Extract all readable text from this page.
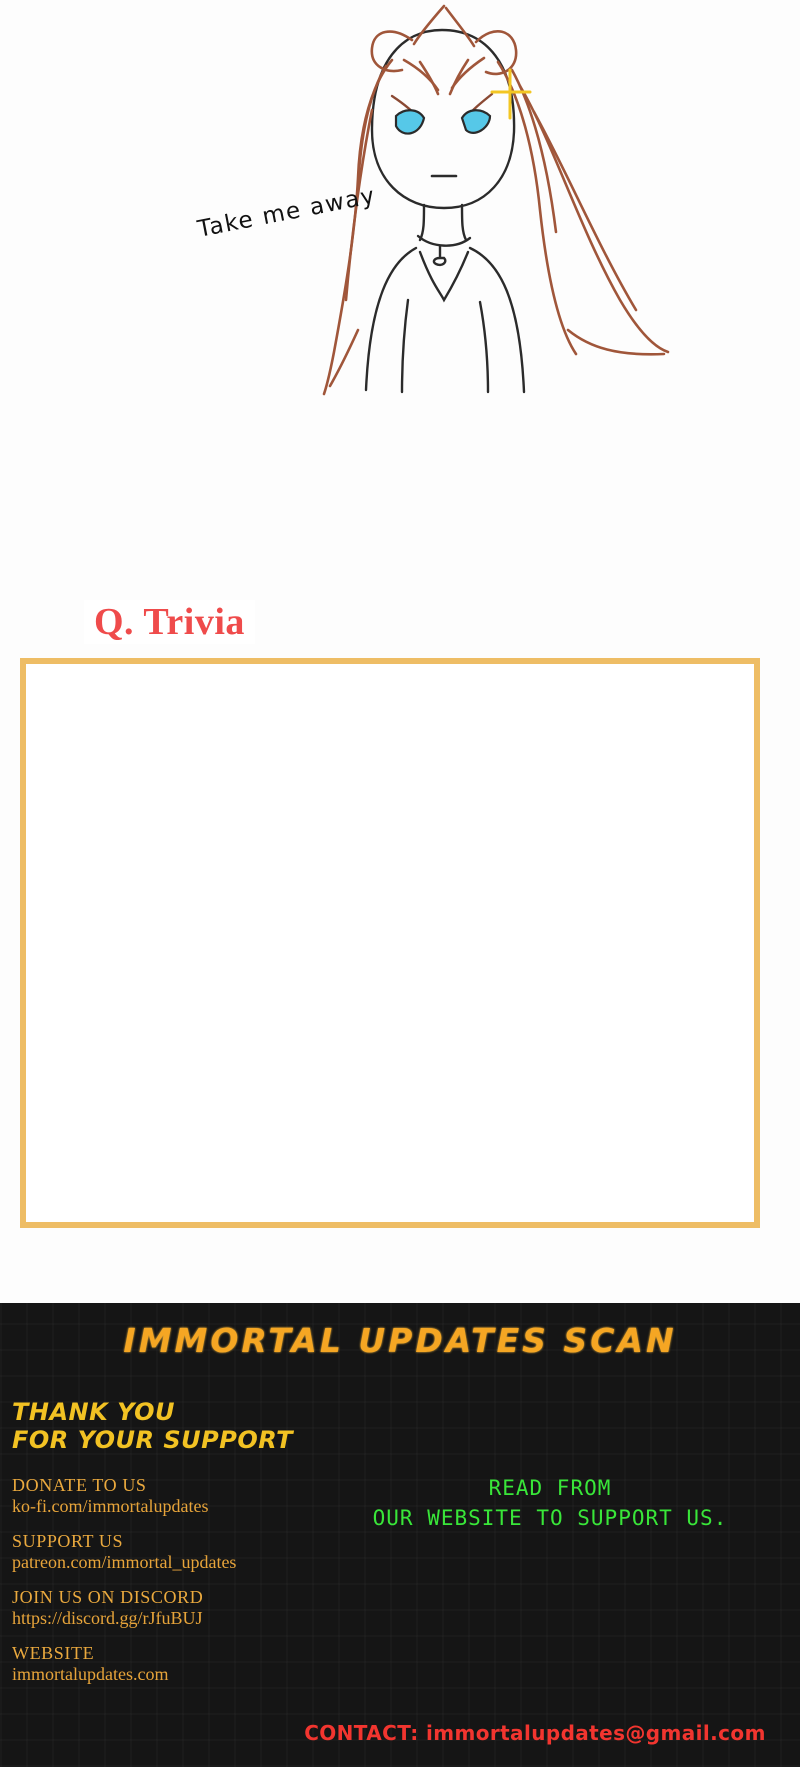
Take me away
Q. Trivia
IMMORTAL UPDATES SCAN
THANK YOU
FOR YOUR SUPPORT
DONATE TO US
ko-fi.com/immortalupdates
SUPPORT US
patreon.com/immortal_updates
JOIN US ON DISCORD
https://discord.gg/rJfuBUJ
WEBSITE
immortalupdates.com
READ FROM
OUR WEBSITE TO SUPPORT US.
CONTACT: immortalupdates@gmail.com
